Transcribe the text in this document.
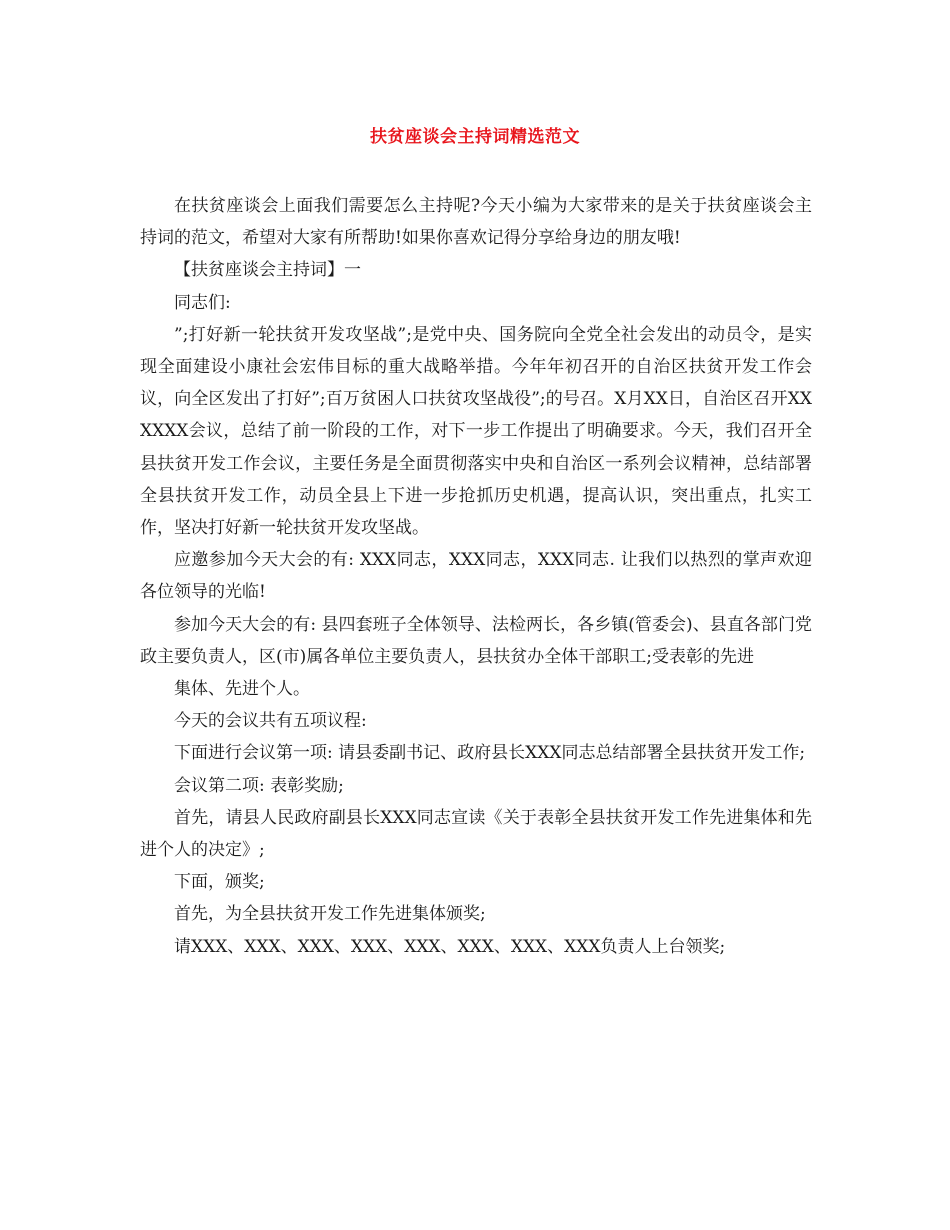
扶贫座谈会主持词精选范文

在扶贫座谈会上面我们需要怎么主持呢?今天小编为大家带来的是关于扶贫座谈会主持词的范文，希望对大家有所帮助!如果你喜欢记得分享给身边的朋友哦!

【扶贫座谈会主持词】一

同志们:

”;打好新一轮扶贫开发攻坚战”;是党中央、国务院向全党全社会发出的动员令，是实现全面建设小康社会宏伟目标的重大战略举措。今年年初召开的自治区扶贫开发工作会议，向全区发出了打好”;百万贫困人口扶贫攻坚战役”;的号召。X月XX日，自治区召开XXXXXX会议，总结了前一阶段的工作，对下一步工作提出了明确要求。今天，我们召开全县扶贫开发工作会议，主要任务是全面贯彻落实中央和自治区一系列会议精神，总结部署全县扶贫开发工作，动员全县上下进一步抢抓历史机遇，提高认识，突出重点，扎实工作，坚决打好新一轮扶贫开发攻坚战。

应邀参加今天大会的有: XXX同志，XXX同志，XXX同志. 让我们以热烈的掌声欢迎各位领导的光临!

参加今天大会的有: 县四套班子全体领导、法检两长，各乡镇(管委会)、县直各部门党政主要负责人，区(市)属各单位主要负责人，县扶贫办全体干部职工;受表彰的先进

集体、先进个人。

今天的会议共有五项议程:

下面进行会议第一项: 请县委副书记、政府县长XXX同志总结部署全县扶贫开发工作;

会议第二项: 表彰奖励;

首先，请县人民政府副县长XXX同志宣读《关于表彰全县扶贫开发工作先进集体和先进个人的决定》;

下面，颁奖;

首先，为全县扶贫开发工作先进集体颁奖;

请XXX、XXX、XXX、XXX、XXX、XXX、XXX、XXX负责人上台领奖;
